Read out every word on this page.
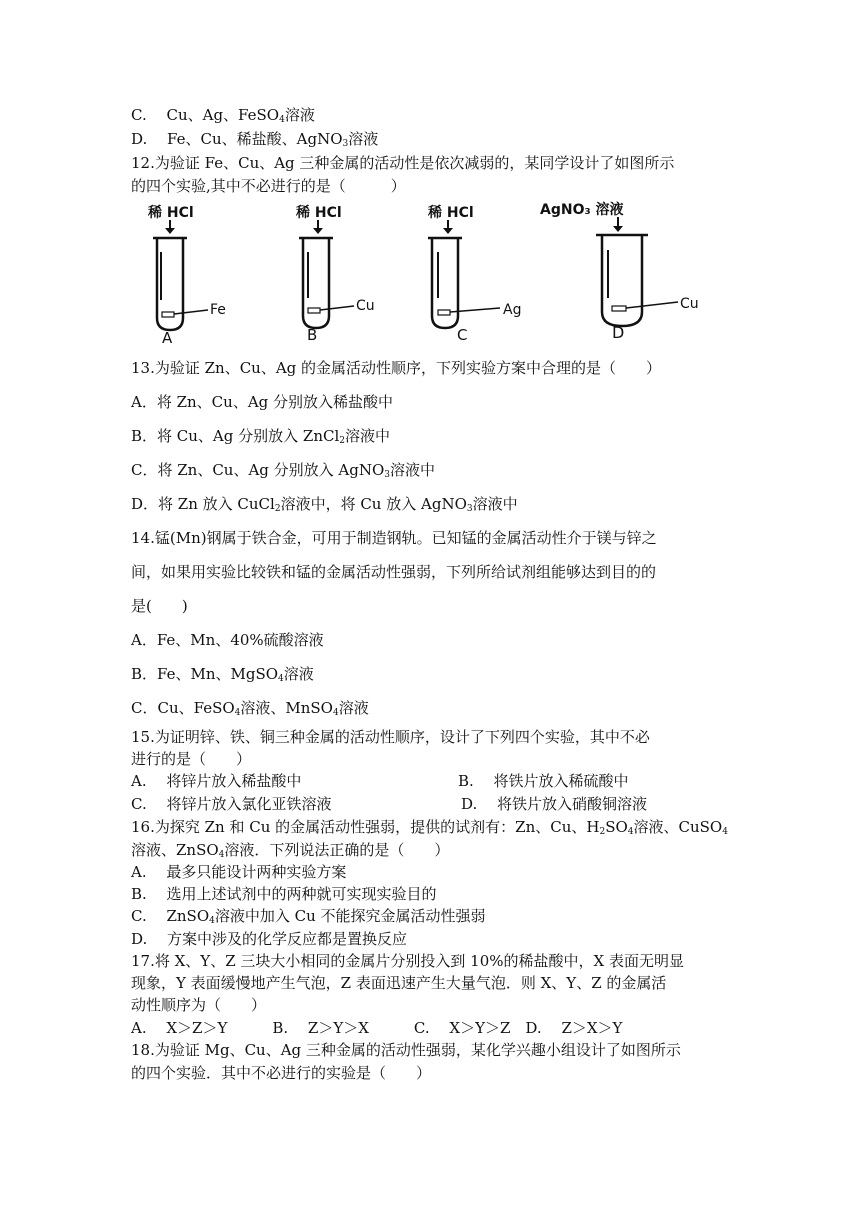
C.　 Cu、Ag、FeSO$_4$溶液
D.　 Fe、Cu、稀盐酸、AgNO$_3$溶液
12.为验证 Fe、Cu、Ag 三种金属的活动性是依次减弱的，某同学设计了如图所示
的四个实验,其中不必进行的是（　　　）
稀 HCl
Fe
A
稀 HCl
Cu
B
稀 HCl
Ag
C
AgNO₃ 溶液
Cu
D
13.为验证 Zn、Cu、Ag 的金属活动性顺序，下列实验方案中合理的是（　　）
A．将 Zn、Cu、Ag 分别放入稀盐酸中
B．将 Cu、Ag 分别放入 ZnCl$_2$溶液中
C．将 Zn、Cu、Ag 分别放入 AgNO$_3$溶液中
D．将 Zn 放入 CuCl$_2$溶液中，将 Cu 放入 AgNO$_3$溶液中
14.锰(Mn)钢属于铁合金，可用于制造钢轨。已知锰的金属活动性介于镁与锌之
间，如果用实验比较铁和锰的金属活动性强弱，下列所给试剂组能够达到目的的
是(　　)
A．Fe、Mn、40%硫酸溶液
B．Fe、Mn、MgSO$_4$溶液
C．Cu、FeSO$_4$溶液、MnSO$_4$溶液
15.为证明锌、铁、铜三种金属的活动性顺序，设计了下列四个实验，其中不必
进行的是（　　）
A.　 将锌片放入稀盐酸中	B.　 将铁片放入稀硫酸中
C.　 将锌片放入氯化亚铁溶液	D.　 将铁片放入硝酸铜溶液
16.为探究 Zn 和 Cu 的金属活动性强弱，提供的试剂有：Zn、Cu、$H_2SO_4$溶液、CuSO$_4$
溶液、ZnSO$_4$溶液．下列说法正确的是（　　）
A.　 最多只能设计两种实验方案
B.　 选用上述试剂中的两种就可实现实验目的
C.　 ZnSO$_4$溶液中加入 Cu 不能探究金属活动性强弱
D.　 方案中涉及的化学反应都是置换反应
17.将 X、Y、Z 三块大小相同的金属片分别投入到 10%的稀盐酸中，X 表面无明显
现象，Y 表面缓慢地产生气泡，Z 表面迅速产生大量气泡．则 X、Y、Z 的金属活
动性顺序为（　　）
A.　 X＞Z＞Y　　　B.　 Z＞Y＞X　　　C.　 X＞Y＞Z　D.　 Z＞X＞Y
18.为验证 Mg、Cu、Ag 三种金属的活动性强弱，某化学兴趣小组设计了如图所示
的四个实验．其中不必进行的实验是（　　）
